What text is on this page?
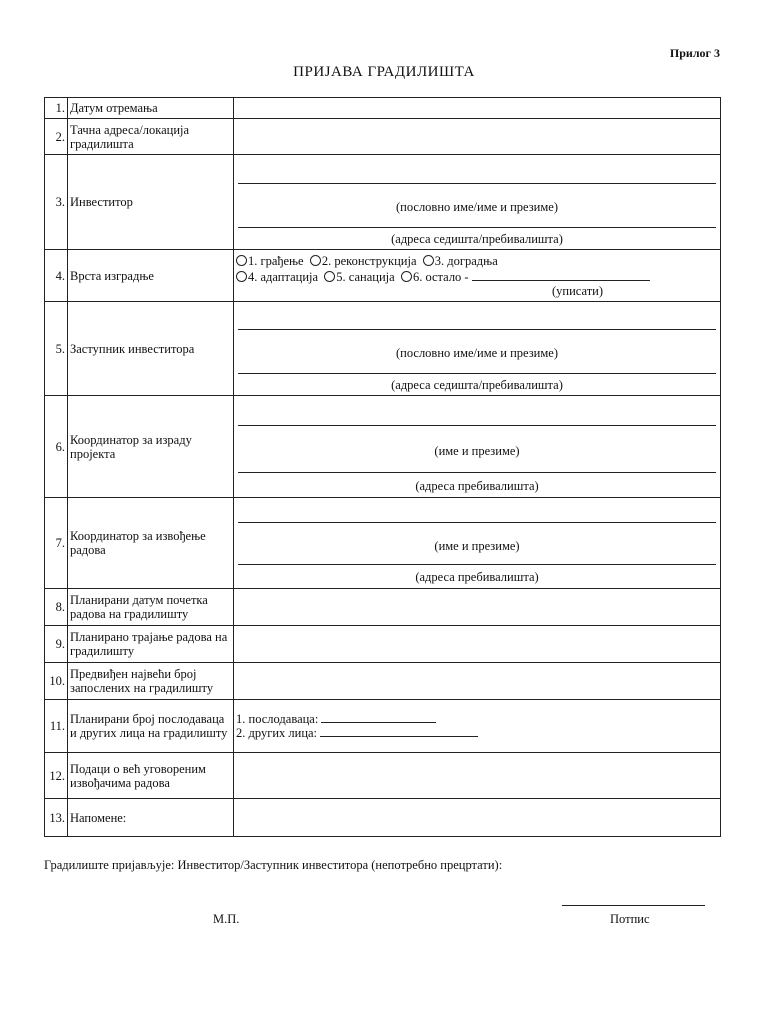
Прилог 3
ПРИЈАВА ГРАДИЛИШТА
1.	Датум отремања	
2.	Тачна адреса/локација градилишта	
3.	Инвеститор	(пословно име/име и презиме)
(адреса седишта/пребивалишта)

4.	Врста изградње	1. грађење 2. реконструкција 3. доградња
4. адаптација 5. санација 6. остало -
(уписати)

5.	Заступник инвеститора	(пословно име/име и презиме)
(адреса седишта/пребивалишта)

6.	Координатор за израду пројекта	(име и презиме)
(адреса пребивалишта)

7.	Координатор за извођење радова	(име и презиме)
(адреса пребивалишта)

8.	Планирани датум почетка радова на градилишту	
9.	Планирано трајање радова на градилишту	
10.	Предвиђен највећи број запослених на градилишту	
11.	Планирани број послодаваца и других лица на градилишту	1. послодаваца:
2. других лица:

12.	Подаци о већ уговореним извођачима радова	
13.	Напомене:	
Градилиште пријављује: Инвеститор/Заступник инвеститора (непотребно прецртати):
М.П.	Потпис
